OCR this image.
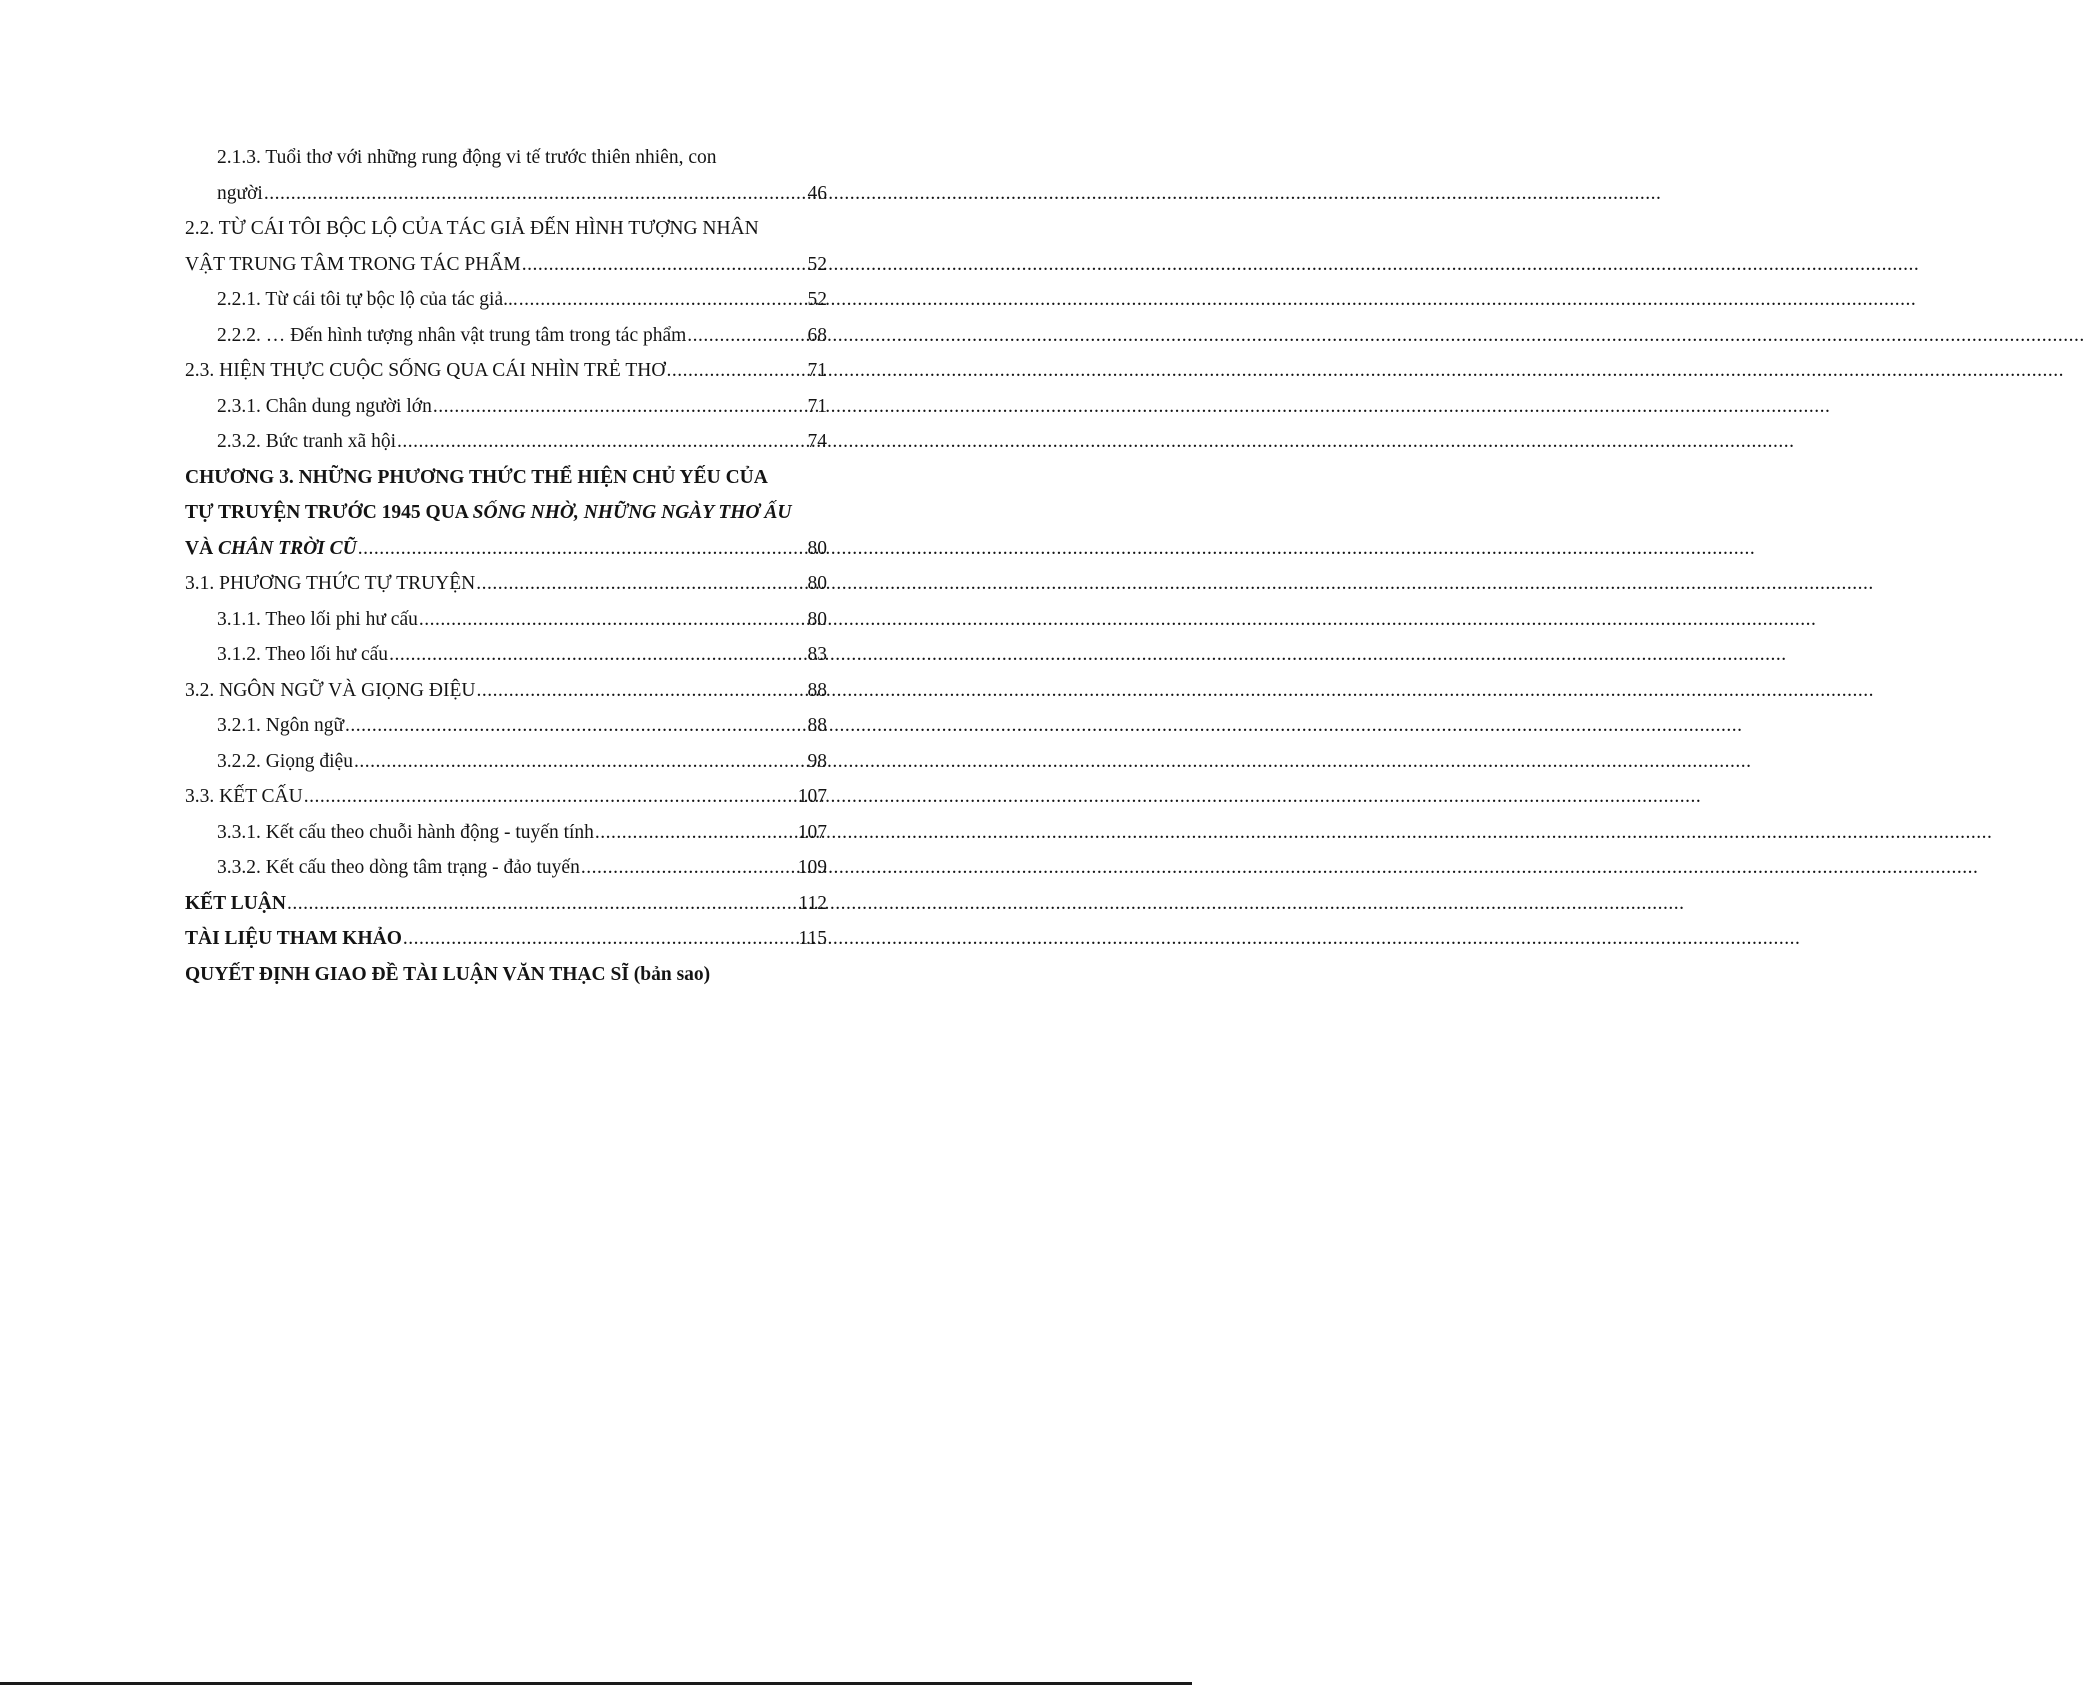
2.1.3. Tuổi thơ với những rung động vi tế trước thiên nhiên, con
người .....	46
2.2. TỪ CÁI TÔI BỘC LỘ CỦA TÁC GIẢ ĐẾN HÌNH TƯỢNG NHÂN
VẬT TRUNG TÂM TRONG TÁC PHẨM .....	52
2.2.1. Từ cái tôi tự bộc lộ của tác giả... .....	52
2.2.2. … Đến hình tượng nhân vật trung tâm trong tác phẩm .....	68
2.3. HIỆN THỰC CUỘC SỐNG QUA CÁI NHÌN TRẺ THƠ .....	71
2.3.1. Chân dung người lớn .....	71
2.3.2. Bức tranh xã hội .....	74
CHƯƠNG 3. NHỮNG PHƯƠNG THỨC THỂ HIỆN CHỦ YẾU CỦA
TỰ TRUYỆN TRƯỚC 1945 QUA SỐNG NHỜ, NHỮNG NGÀY THƠ ẤU
VÀ CHÂN TRỜI CŨ .....	80
3.1. PHƯƠNG THỨC TỰ TRUYỆN .....	80
3.1.1. Theo lối phi hư cấu .....	80
3.1.2. Theo lối hư cấu .....	83
3.2. NGÔN NGỮ VÀ GIỌNG ĐIỆU .....	88
3.2.1. Ngôn ngữ .....	88
3.2.2. Giọng điệu .....	98
3.3. KẾT CẤU .....	107
3.3.1. Kết cấu theo chuỗi hành động - tuyến tính .....	107
3.3.2. Kết cấu theo dòng tâm trạng - đảo tuyến .....	109
KẾT LUẬN .....	112
TÀI LIỆU THAM KHẢO .....	115
QUYẾT ĐỊNH GIAO ĐỀ TÀI LUẬN VĂN THẠC SĨ (bản sao)
